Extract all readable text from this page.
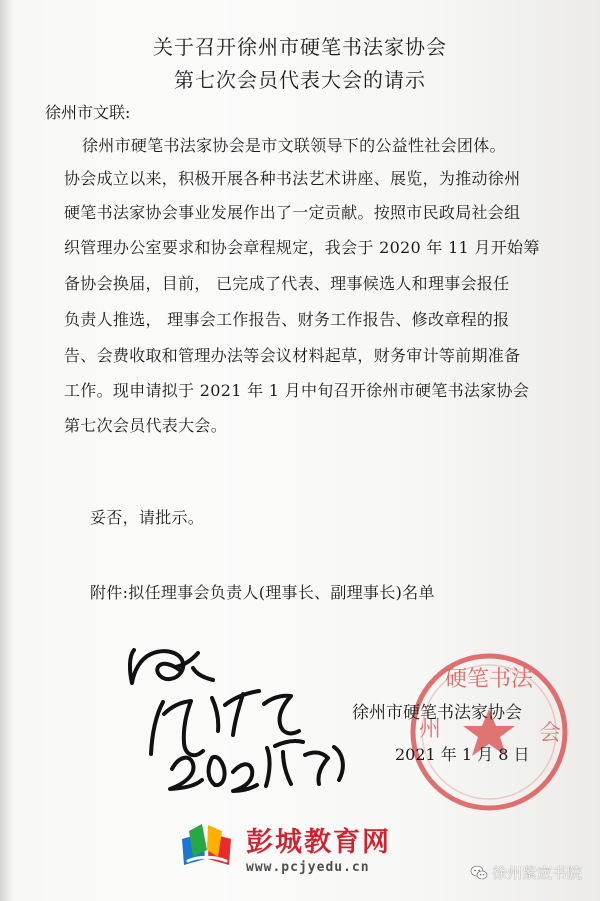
关于召开徐州市硬笔书法家协会
第七次会员代表大会的请示
徐州市文联:
徐州市硬笔书法家协会是市文联领导下的公益性社会团体。
协会成立以来，积极开展各种书法艺术讲座、展览，为推动徐州
硬笔书法家协会事业发展作出了一定贡献。按照市民政局社会组
织管理办公室要求和协会章程规定，我会于 2020 年 11 月开始筹
备协会换届，目前， 已完成了代表、理事候选人和理事会报任
负责人推选， 理事会工作报告、财务工作报告、修改章程的报
告、会费收取和管理办法等会议材料起草，财务审计等前期准备
工作。现申请拟于 2021 年 1 月中旬召开徐州市硬笔书法家协会
第七次会员代表大会。
妥否，请批示。
附件:拟任理事会负责人(理事长、副理事长)名单
硬笔书法
州	会
徐州市硬笔书法家协会
2021 年 1 月 8 日
彭城教育网
www.pcjyedu.cn	徐州紫宬书院
